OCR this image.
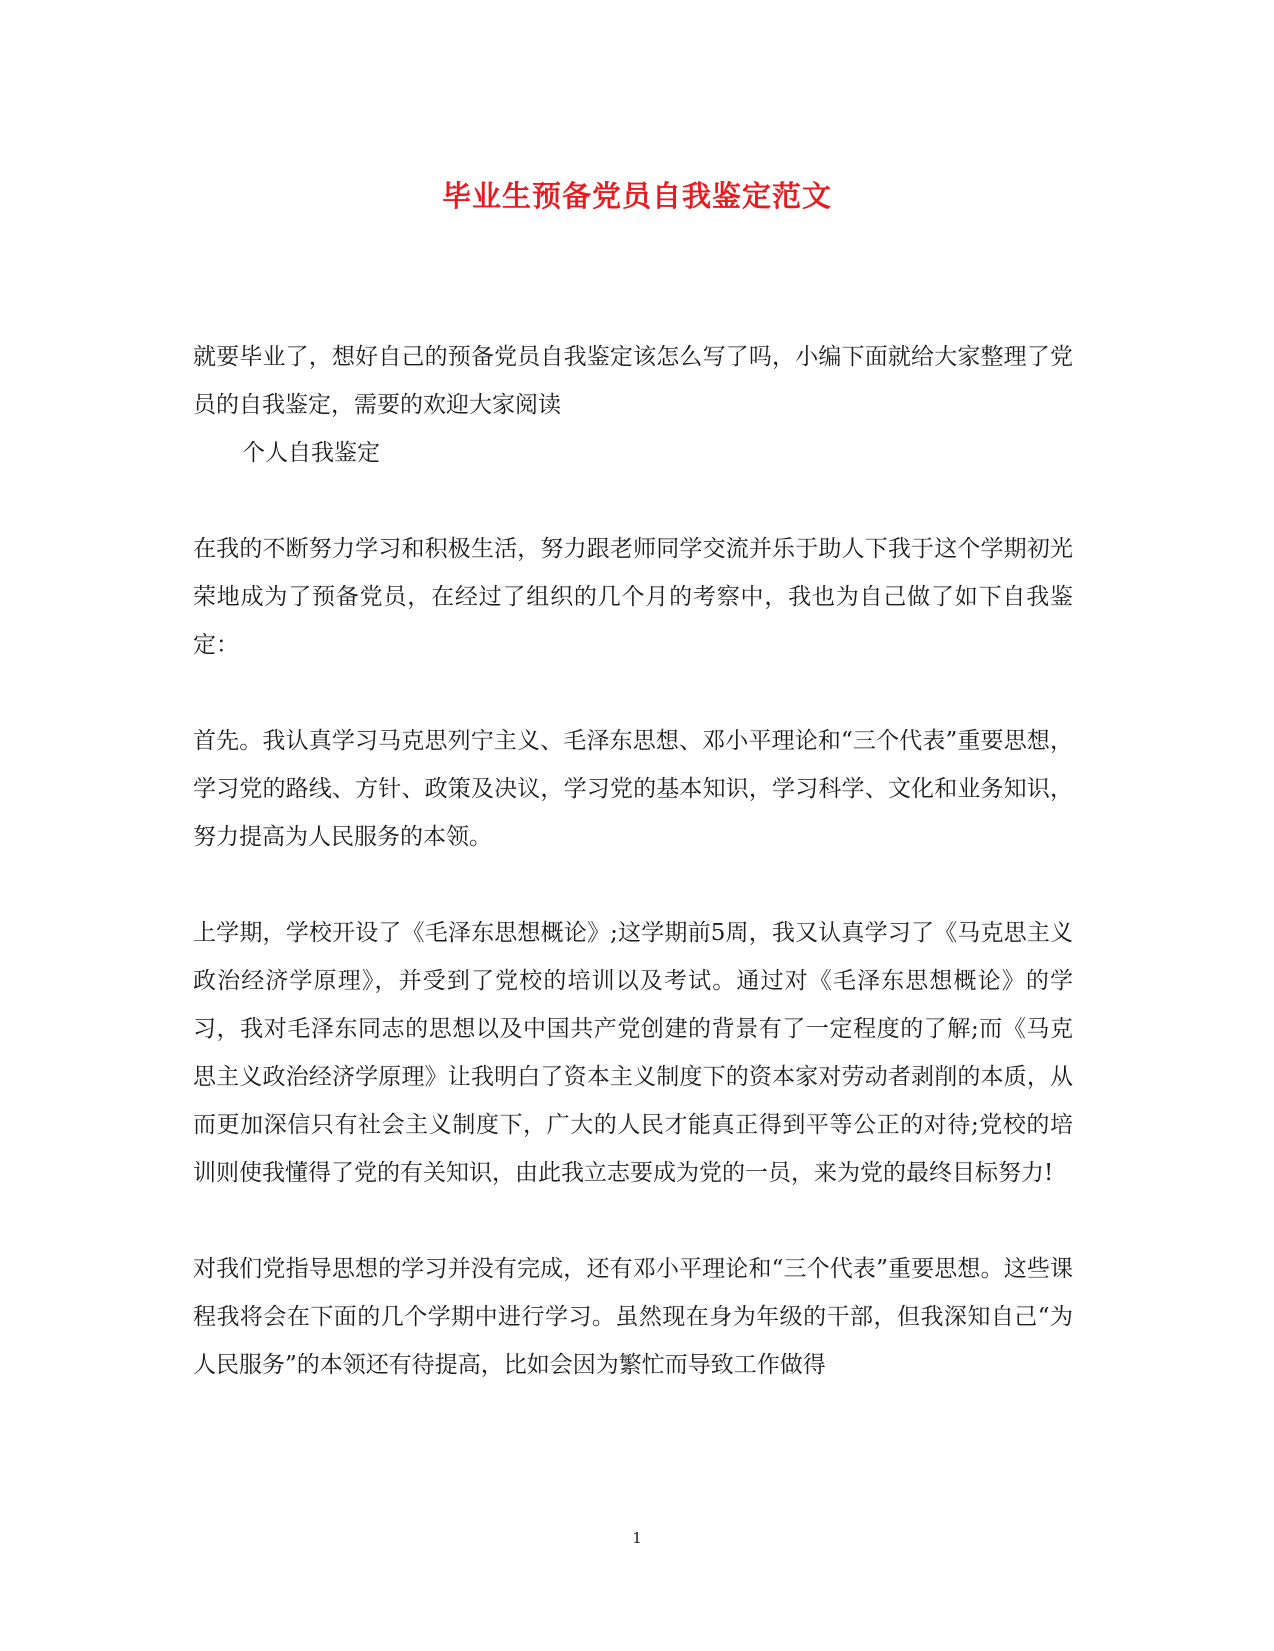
毕业生预备党员自我鉴定范文

就要毕业了，想好自己的预备党员自我鉴定该怎么写了吗，小编下面就给大家整理了党员的自我鉴定，需要的欢迎大家阅读

个人自我鉴定

在我的不断努力学习和积极生活，努力跟老师同学交流并乐于助人下我于这个学期初光荣地成为了预备党员，在经过了组织的几个月的考察中，我也为自己做了如下自我鉴定：

首先。我认真学习马克思列宁主义、毛泽东思想、邓小平理论和“三个代表”重要思想，学习党的路线、方针、政策及决议，学习党的基本知识，学习科学、文化和业务知识，努力提高为人民服务的本领。

上学期，学校开设了《毛泽东思想概论》;这学期前5周，我又认真学习了《马克思主义政治经济学原理》，并受到了党校的培训以及考试。通过对《毛泽东思想概论》的学习，我对毛泽东同志的思想以及中国共产党创建的背景有了一定程度的了解;而《马克思主义政治经济学原理》让我明白了资本主义制度下的资本家对劳动者剥削的本质，从而更加深信只有社会主义制度下，广大的人民才能真正得到平等公正的对待;党校的培训则使我懂得了党的有关知识，由此我立志要成为党的一员，来为党的最终目标努力!

对我们党指导思想的学习并没有完成，还有邓小平理论和“三个代表”重要思想。这些课程我将会在下面的几个学期中进行学习。虽然现在身为年级的干部，但我深知自己“为人民服务”的本领还有待提高，比如会因为繁忙而导致工作做得

1
